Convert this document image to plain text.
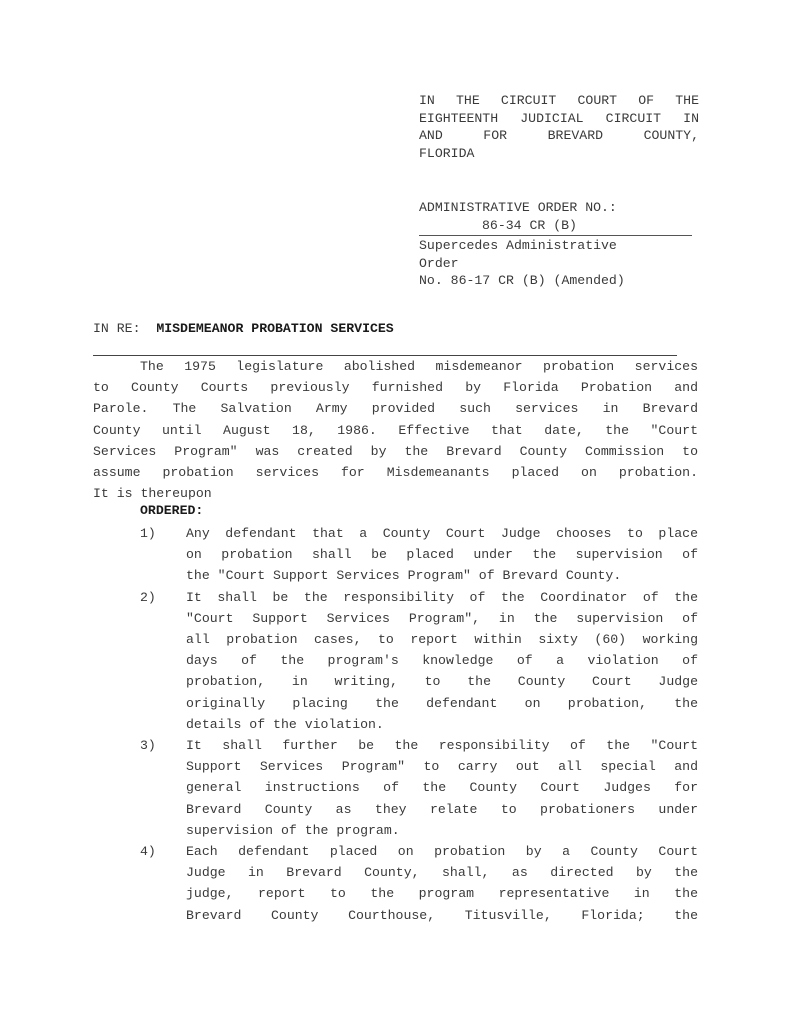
IN THE CIRCUIT COURT OF THE
EIGHTEENTH JUDICIAL CIRCUIT IN
AND FOR BREVARD COUNTY,
FLORIDA
ADMINISTRATIVE ORDER NO.:
86-34 CR (B)
Supercedes Administrative
Order
No. 86-17 CR (B) (Amended)
IN RE: MISDEMEANOR PROBATION SERVICES
The 1975 legislature abolished misdemeanor probation services
to County Courts previously furnished by Florida Probation and
Parole. The Salvation Army provided such services in Brevard
County until August 18, 1986. Effective that date, the "Court
Services Program" was created by the Brevard County Commission to
assume probation services for Misdemeanants placed on probation.
It is thereupon
ORDERED:
1) Any defendant that a County Court Judge chooses to place
on probation shall be placed under the supervision of
the "Court Support Services Program" of Brevard County.
2) It shall be the responsibility of the Coordinator of the
"Court Support Services Program", in the supervision of
all probation cases, to report within sixty (60) working
days of the program's knowledge of a violation of
probation, in writing, to the County Court Judge
originally placing the defendant on probation, the
details of the violation.
3) It shall further be the responsibility of the "Court
Support Services Program" to carry out all special and
general instructions of the County Court Judges for
Brevard County as they relate to probationers under
supervision of the program.
4) Each defendant placed on probation by a County Court
Judge in Brevard County, shall, as directed by the
judge, report to the program representative in the
Brevard County Courthouse, Titusville, Florida; the
